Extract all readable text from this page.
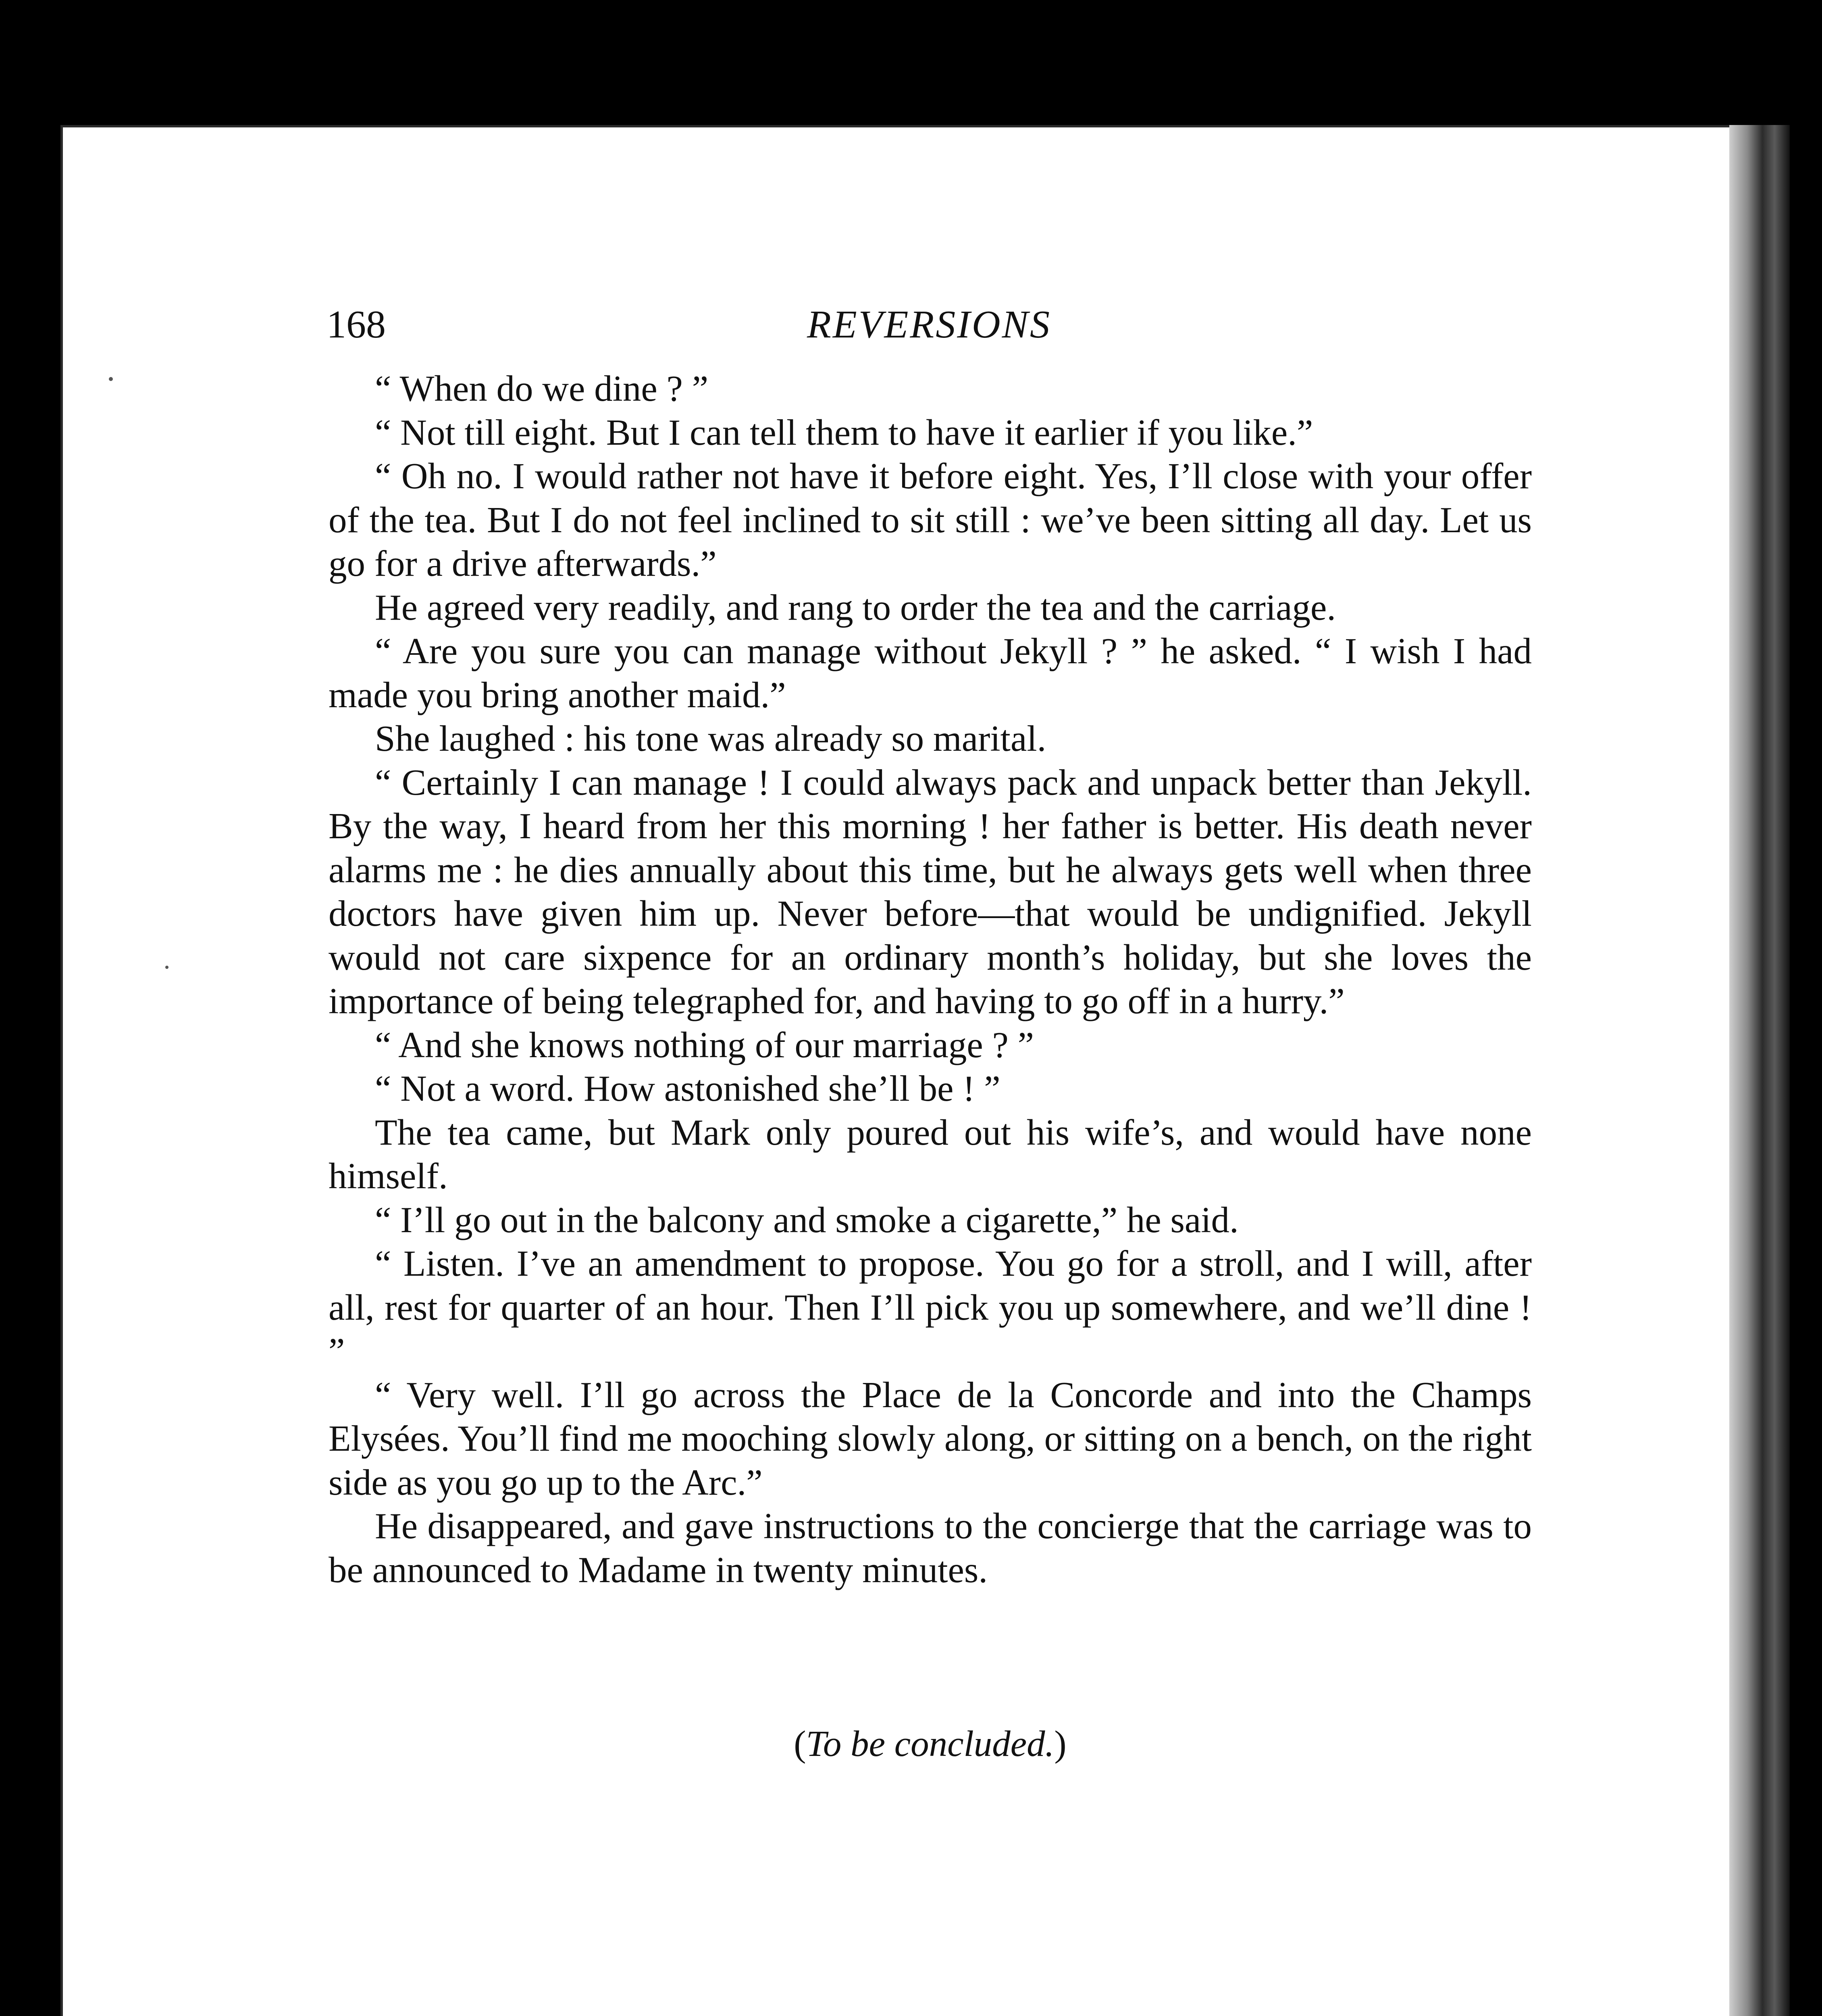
168	REVERSIONS

“ When do we dine ? ”

“ Not till eight. But I can tell them to have it earlier if you like.”

“ Oh no. I would rather not have it before eight. Yes, I’ll close with your offer of the tea. But I do not feel inclined to sit still : we’ve been sitting all day. Let us go for a drive afterwards.”

He agreed very readily, and rang to order the tea and the carriage.

“ Are you sure you can manage without Jekyll ? ” he asked. “ I wish I had made you bring another maid.”

She laughed : his tone was already so marital.

“ Certainly I can manage ! I could always pack and unpack better than Jekyll. By the way, I heard from her this morning ! her father is better. His death never alarms me : he dies annually about this time, but he always gets well when three doctors have given him up. Never before—that would be undignified. Jekyll would not care sixpence for an ordinary month’s holiday, but she loves the importance of being telegraphed for, and having to go off in a hurry.”

“ And she knows nothing of our marriage ? ”

“ Not a word. How astonished she’ll be ! ”

The tea came, but Mark only poured out his wife’s, and would have none himself.

“ I’ll go out in the balcony and smoke a cigarette,” he said.

“ Listen. I’ve an amendment to propose. You go for a stroll, and I will, after all, rest for quarter of an hour. Then I’ll pick you up somewhere, and we’ll dine ! ”

“ Very well. I’ll go across the Place de la Concorde and into the Champs Elysées. You’ll find me mooching slowly along, or sitting on a bench, on the right side as you go up to the Arc.”

He disappeared, and gave instructions to the concierge that the carriage was to be announced to Madame in twenty minutes.

(To be concluded.)
